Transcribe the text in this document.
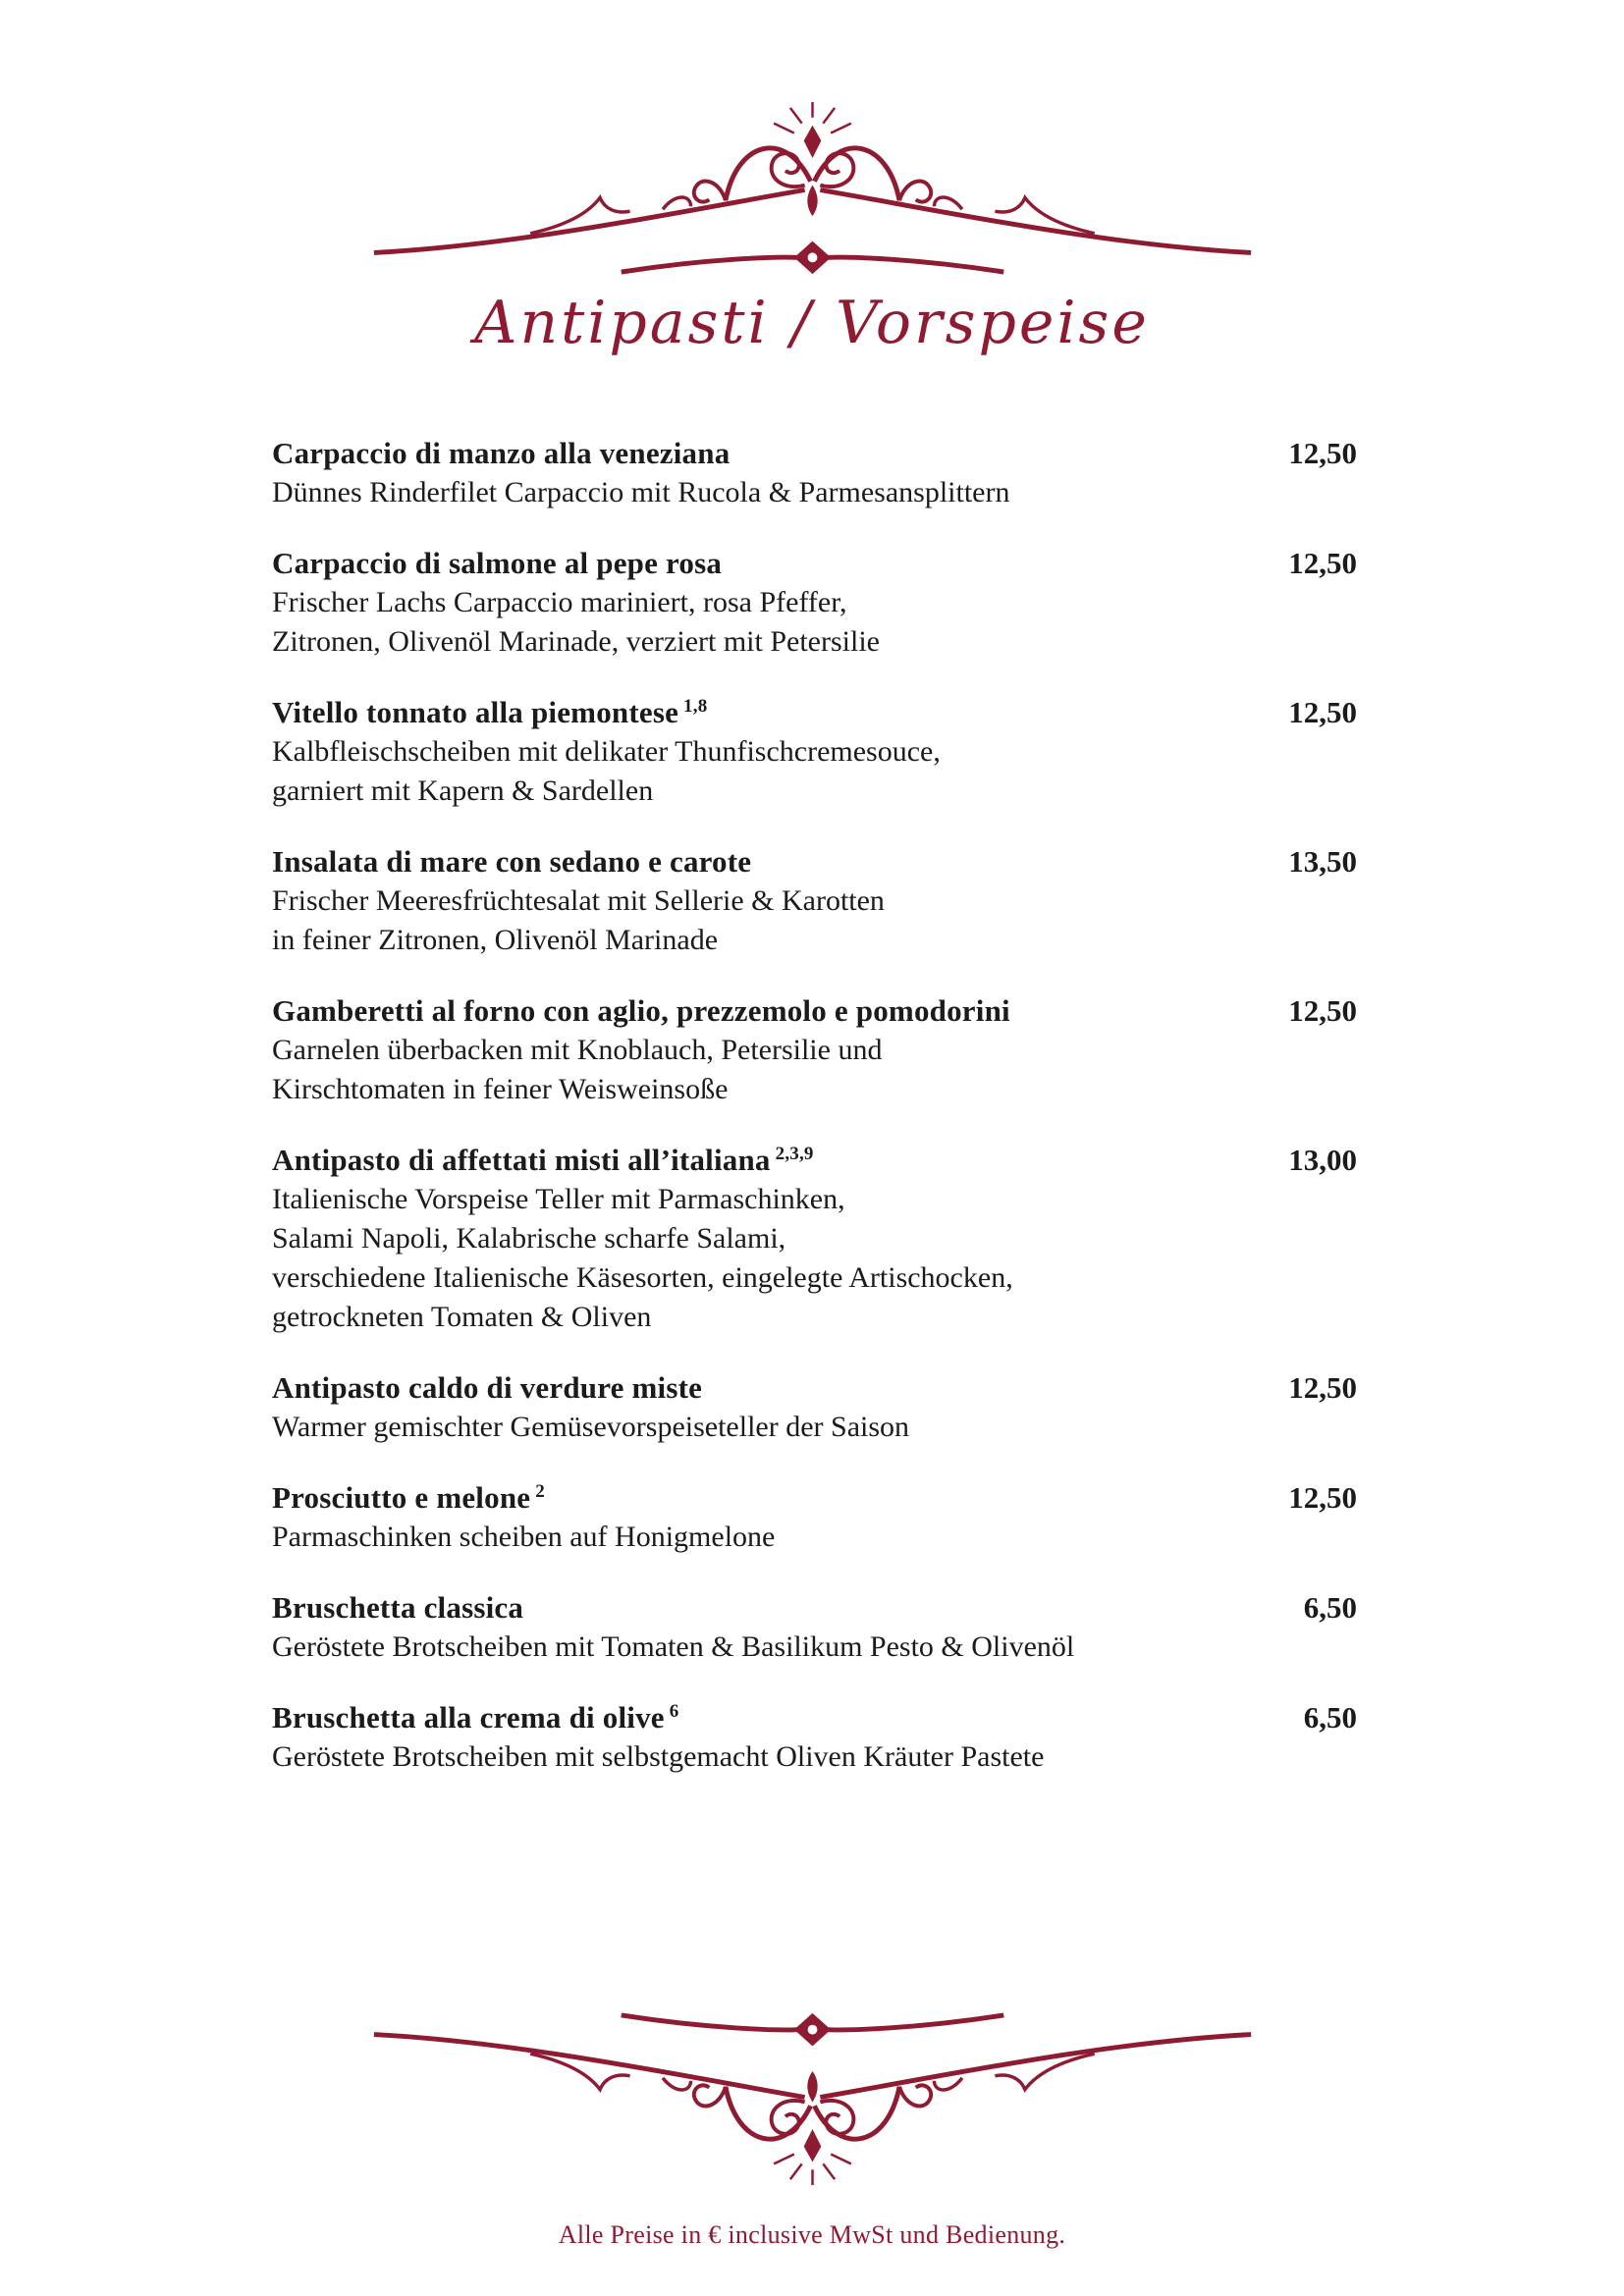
Antipasti / Vorspeise
Carpaccio di manzo alla veneziana	12,50

Dünnes Rinderfilet Carpaccio mit Rucola & Parmesansplittern

Carpaccio di salmone al pepe rosa	12,50

Frischer Lachs Carpaccio mariniert, rosa Pfeffer,

Zitronen, Olivenöl Marinade, verziert mit Petersilie

Vitello tonnato alla piemontese $^{1,8}$	12,50

Kalbfleischscheiben mit delikater Thunfischcremesouce,

garniert mit Kapern & Sardellen

Insalata di mare con sedano e carote	13,50

Frischer Meeresfrüchtesalat mit Sellerie & Karotten

in feiner Zitronen, Olivenöl Marinade

Gamberetti al forno con aglio, prezzemolo e pomodorini	12,50

Garnelen überbacken mit Knoblauch, Petersilie und

Kirschtomaten in feiner Weisweinsoße

Antipasto di affettati misti all’italiana $^{2,3,9}$	13,00

Italienische Vorspeise Teller mit Parmaschinken,

Salami Napoli, Kalabrische scharfe Salami,

verschiedene Italienische Käsesorten, eingelegte Artischocken,

getrockneten Tomaten & Oliven

Antipasto caldo di verdure miste	12,50

Warmer gemischter Gemüsevorspeiseteller der Saison

Prosciutto e melone $^2$	12,50

Parmaschinken scheiben auf Honigmelone

Bruschetta classica	6,50

Geröstete Brotscheiben mit Tomaten & Basilikum Pesto & Olivenöl

Bruschetta alla crema di olive $^6$	6,50

Geröstete Brotscheiben mit selbstgemacht Oliven Kräuter Pastete

Alle Preise in € inclusive MwSt und Bedienung.
